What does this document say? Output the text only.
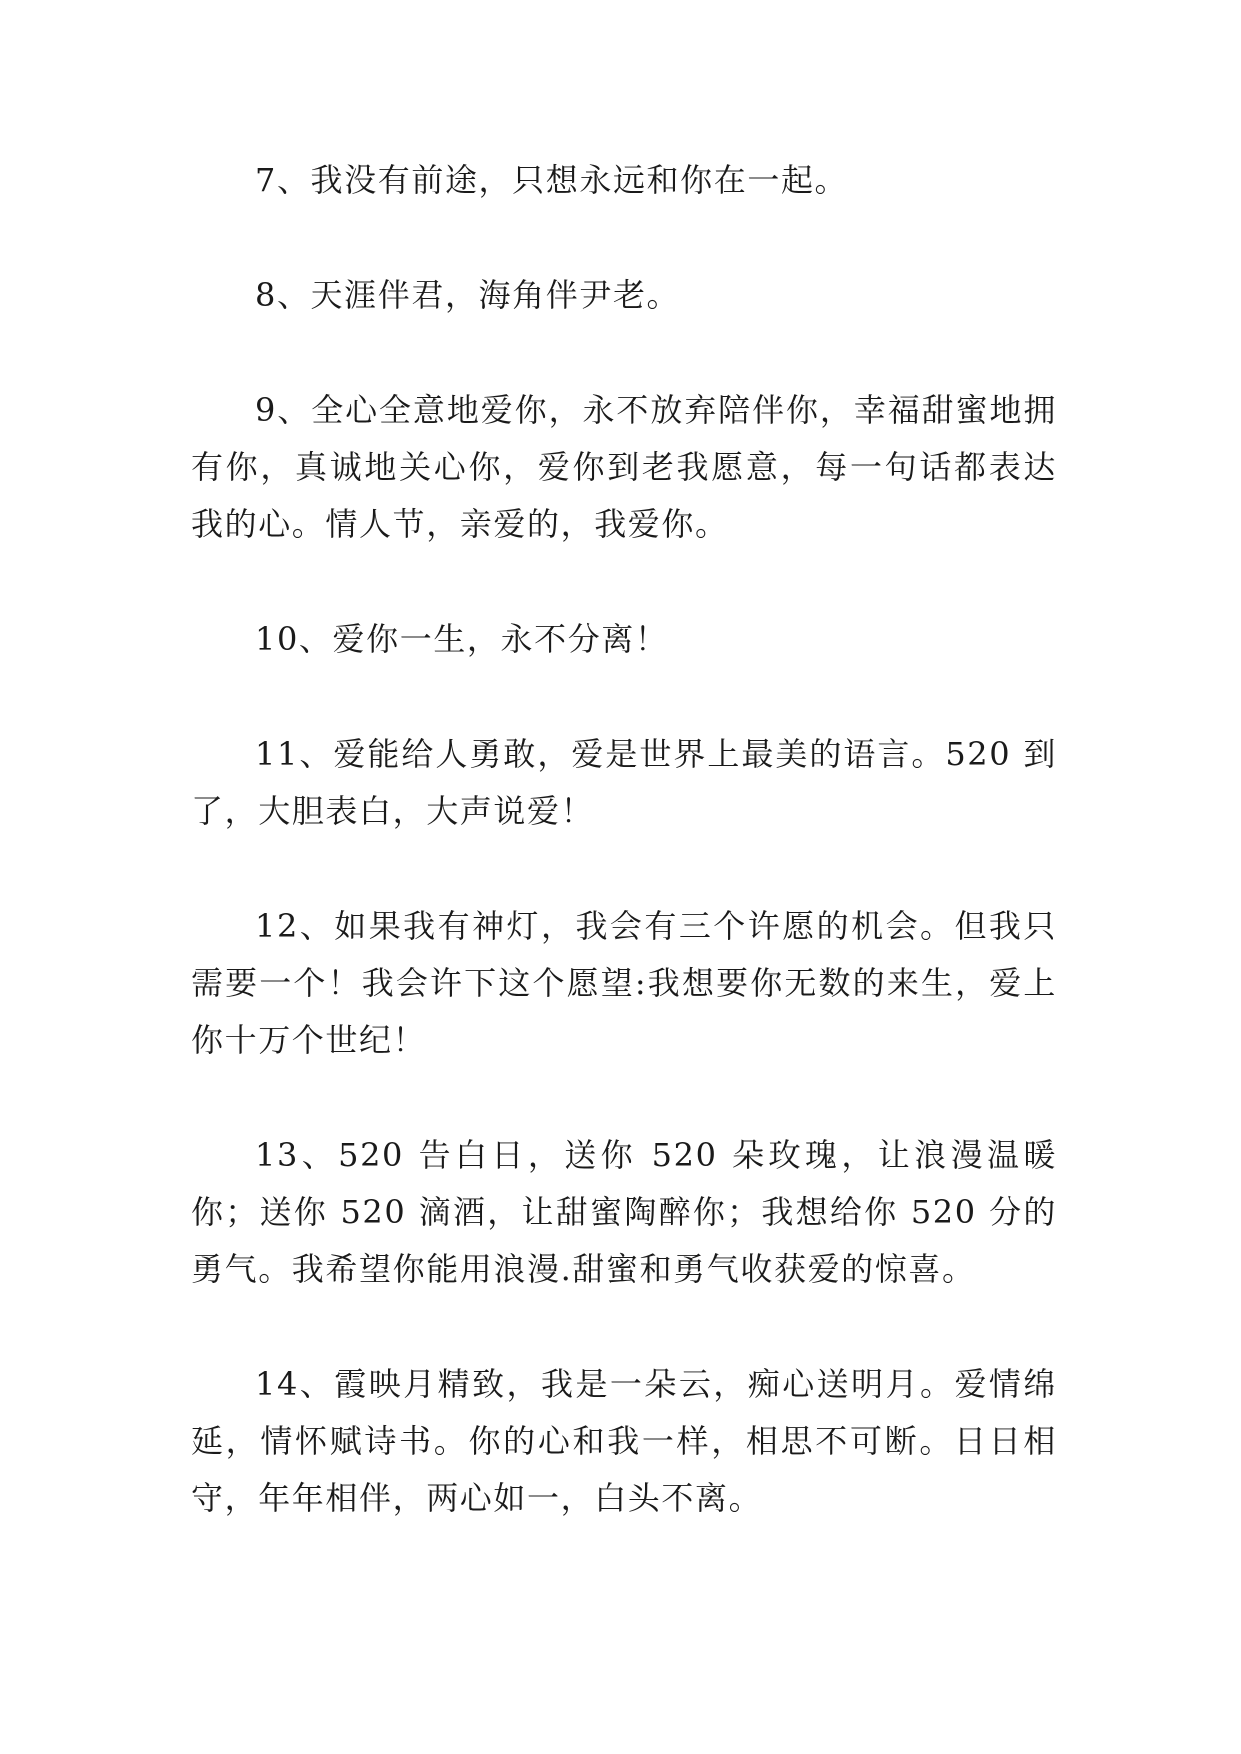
7、我没有前途，只想永远和你在一起。

8、天涯伴君，海角伴尹老。

9、全心全意地爱你，永不放弃陪伴你，幸福甜蜜地拥有你，真诚地关心你，爱你到老我愿意，每一句话都表达我的心。情人节，亲爱的，我爱你。

10、爱你一生，永不分离！

11、爱能给人勇敢，爱是世界上最美的语言。520 到了，大胆表白，大声说爱！

12、如果我有神灯，我会有三个许愿的机会。但我只需要一个！我会许下这个愿望:我想要你无数的来生，爱上你十万个世纪！

13、520 告白日，送你 520 朵玫瑰，让浪漫温暖你；送你 520 滴酒，让甜蜜陶醉你；我想给你 520 分的勇气。我希望你能用浪漫.甜蜜和勇气收获爱的惊喜。

14、霞映月精致，我是一朵云，痴心送明月。爱情绵延，情怀赋诗书。你的心和我一样，相思不可断。日日相守，年年相伴，两心如一，白头不离。
